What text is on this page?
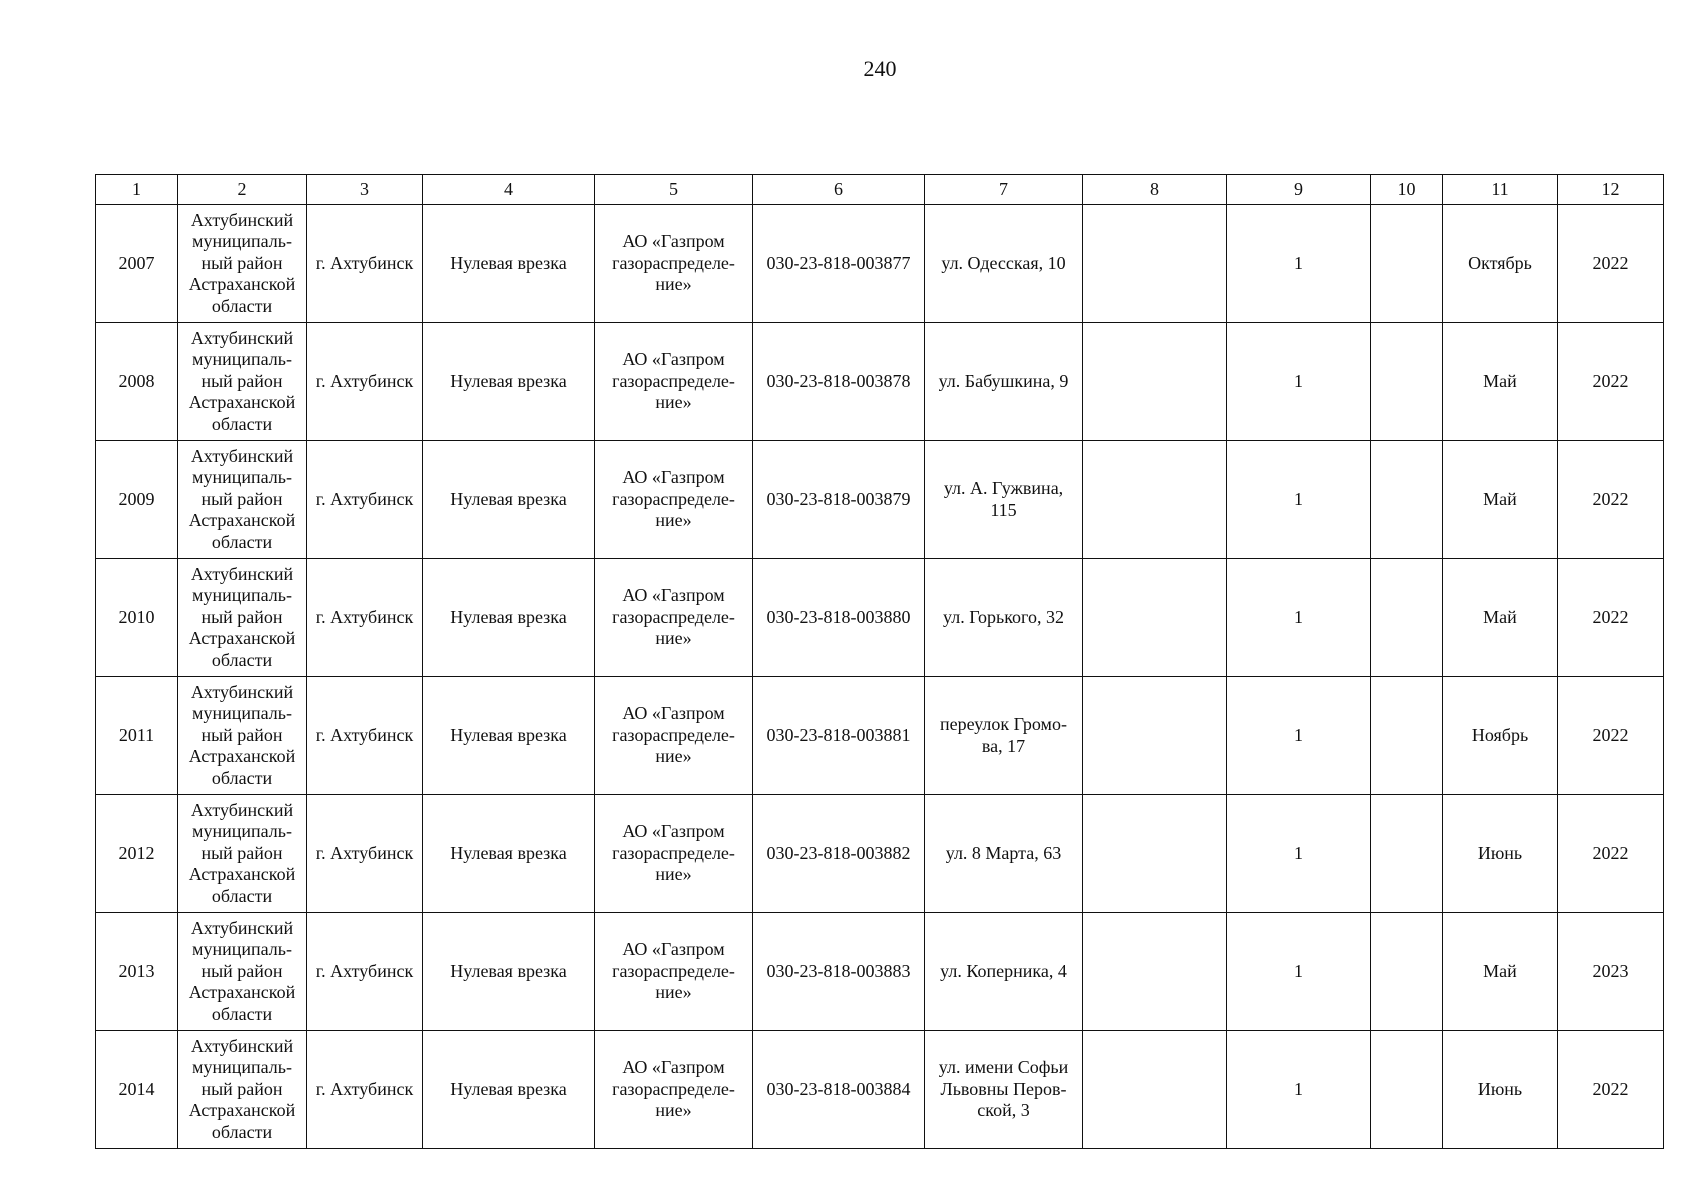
240
1	2	3	4	5	6	7	8	9	10	11	12
2007	Ахтубинский
муниципаль-
ный район
Астраханской
области	г. Ахтубинск	Нулевая врезка	АО «Газпром
газораспределе-
ние»	030-23-818-003877	ул. Одесская, 10		1		Октябрь	2022
2008	Ахтубинский
муниципаль-
ный район
Астраханской
области	г. Ахтубинск	Нулевая врезка	АО «Газпром
газораспределе-
ние»	030-23-818-003878	ул. Бабушкина, 9		1		Май	2022
2009	Ахтубинский
муниципаль-
ный район
Астраханской
области	г. Ахтубинск	Нулевая врезка	АО «Газпром
газораспределе-
ние»	030-23-818-003879	ул. А. Гужвина,
115		1		Май	2022
2010	Ахтубинский
муниципаль-
ный район
Астраханской
области	г. Ахтубинск	Нулевая врезка	АО «Газпром
газораспределе-
ние»	030-23-818-003880	ул. Горького, 32		1		Май	2022
2011	Ахтубинский
муниципаль-
ный район
Астраханской
области	г. Ахтубинск	Нулевая врезка	АО «Газпром
газораспределе-
ние»	030-23-818-003881	переулок Громо-
ва, 17		1		Ноябрь	2022
2012	Ахтубинский
муниципаль-
ный район
Астраханской
области	г. Ахтубинск	Нулевая врезка	АО «Газпром
газораспределе-
ние»	030-23-818-003882	ул. 8 Марта, 63		1		Июнь	2022
2013	Ахтубинский
муниципаль-
ный район
Астраханской
области	г. Ахтубинск	Нулевая врезка	АО «Газпром
газораспределе-
ние»	030-23-818-003883	ул. Коперника, 4		1		Май	2023
2014	Ахтубинский
муниципаль-
ный район
Астраханской
области	г. Ахтубинск	Нулевая врезка	АО «Газпром
газораспределе-
ние»	030-23-818-003884	ул. имени Софьи
Львовны Перов-
ской, 3		1		Июнь	2022
